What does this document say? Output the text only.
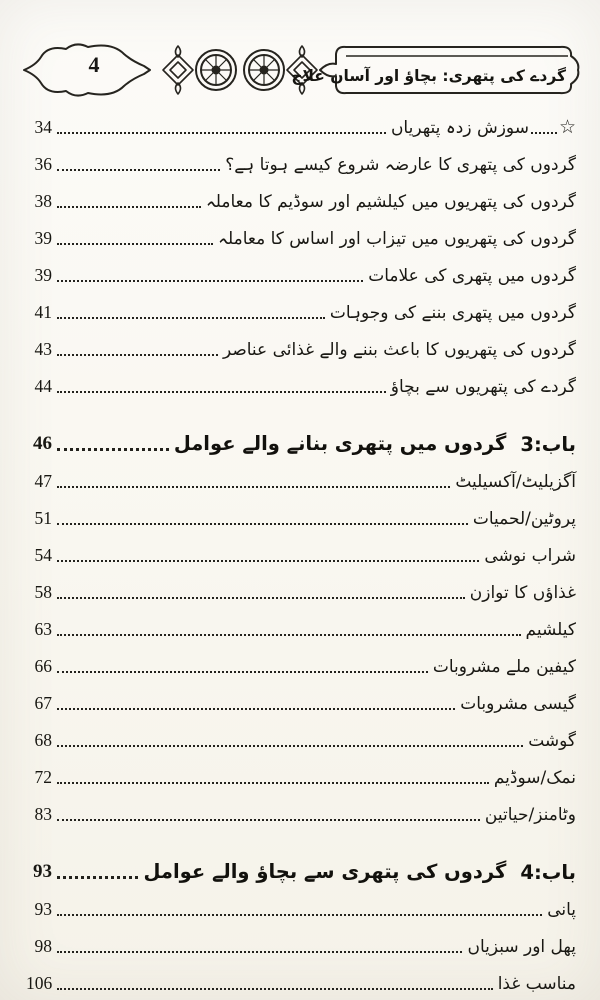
4	گردے کی پتھری: بچاؤ اور آسان علاج
☆
سوزش زدہ پتھریاں
34
گردوں کی پتھری کا عارضہ شروع کیسے ہوتا ہے؟
36
گردوں کی پتھریوں میں کیلشیم اور سوڈیم کا معاملہ
38
گردوں کی پتھریوں میں تیزاب اور اساس کا معاملہ
39
گردوں میں پتھری کی علامات
39
گردوں میں پتھری بننے کی وجوہات
41
گردوں کی پتھریوں کا باعث بننے والے غذائی عناصر
43
گردے کی پتھریوں سے بچاؤ
44
باب:3
گردوں میں پتھری بنانے والے عوامل
46
آگزیلیٹ/آکسیلیٹ
47
پروٹین/لحمیات
51
شراب نوشی
54
غذاؤں کا توازن
58
کیلشیم
63
کیفین ملے مشروبات
66
گیسی مشروبات
67
گوشت
68
نمک/سوڈیم
72
وٹامنز/حیاتین
83
باب:4
گردوں کی پتھری سے بچاؤ والے عوامل
93
پانی
93
پھل اور سبزیاں
98
مناسب غذا
106
